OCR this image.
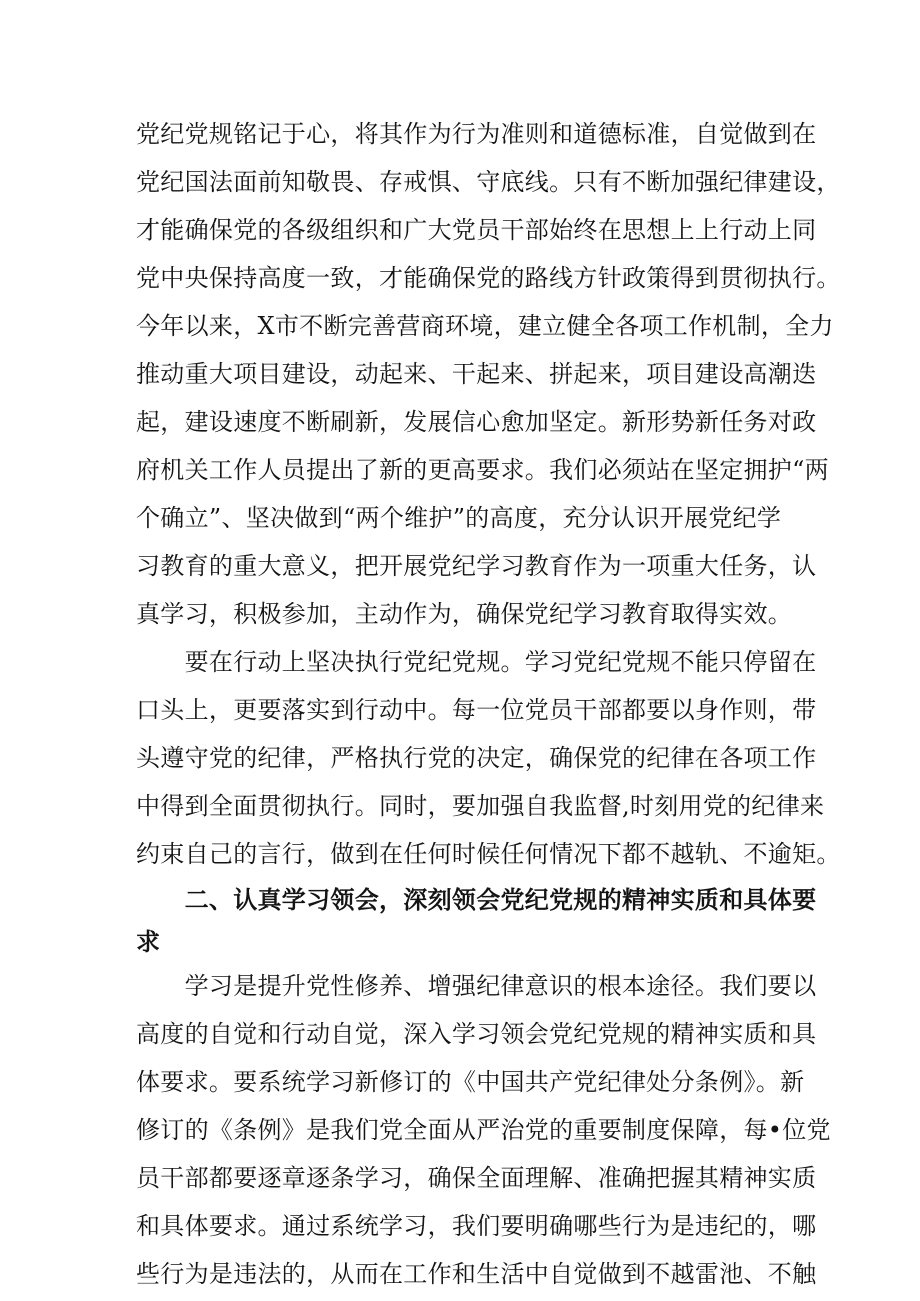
党纪党规铭记于心，将其作为行为准则和道德标准，自觉做到在
党纪国法面前知敬畏、存戒惧、守底线。只有不断加强纪律建设，
才能确保党的各级组织和广大党员干部始终在思想上上行动上同
党中央保持高度一致，才能确保党的路线方针政策得到贯彻执行。
今年以来，X市不断完善营商环境，建立健全各项工作机制，全力
推动重大项目建设，动起来、干起来、拼起来，项目建设高潮迭
起，建设速度不断刷新，发展信心愈加坚定。新形势新任务对政
府机关工作人员提出了新的更高要求。我们必须站在坚定拥护“两
个确立”、坚决做到“两个维护”的高度，充分认识开展党纪学
习教育的重大意义，把开展党纪学习教育作为一项重大任务，认
真学习，积极参加，主动作为，确保党纪学习教育取得实效。
　　要在行动上坚决执行党纪党规。学习党纪党规不能只停留在
口头上，更要落实到行动中。每一位党员干部都要以身作则，带
头遵守党的纪律，严格执行党的决定，确保党的纪律在各项工作
中得到全面贯彻执行。同时，要加强自我监督,时刻用党的纪律来
约束自己的言行，做到在任何时候任何情况下都不越轨、不逾矩。
　　二、认真学习领会，深刻领会党纪党规的精神实质和具体要
求
　　学习是提升党性修养、增强纪律意识的根本途径。我们要以
高度的自觉和行动自觉，深入学习领会党纪党规的精神实质和具
体要求。要系统学习新修订的《中国共产党纪律处分条例》。新
修订的《条例》是我们党全面从严治党的重要制度保障，每•位党
员干部都要逐章逐条学习，确保全面理解、准确把握其精神实质
和具体要求。通过系统学习，我们要明确哪些行为是违纪的，哪
些行为是违法的，从而在工作和生活中自觉做到不越雷池、不触
